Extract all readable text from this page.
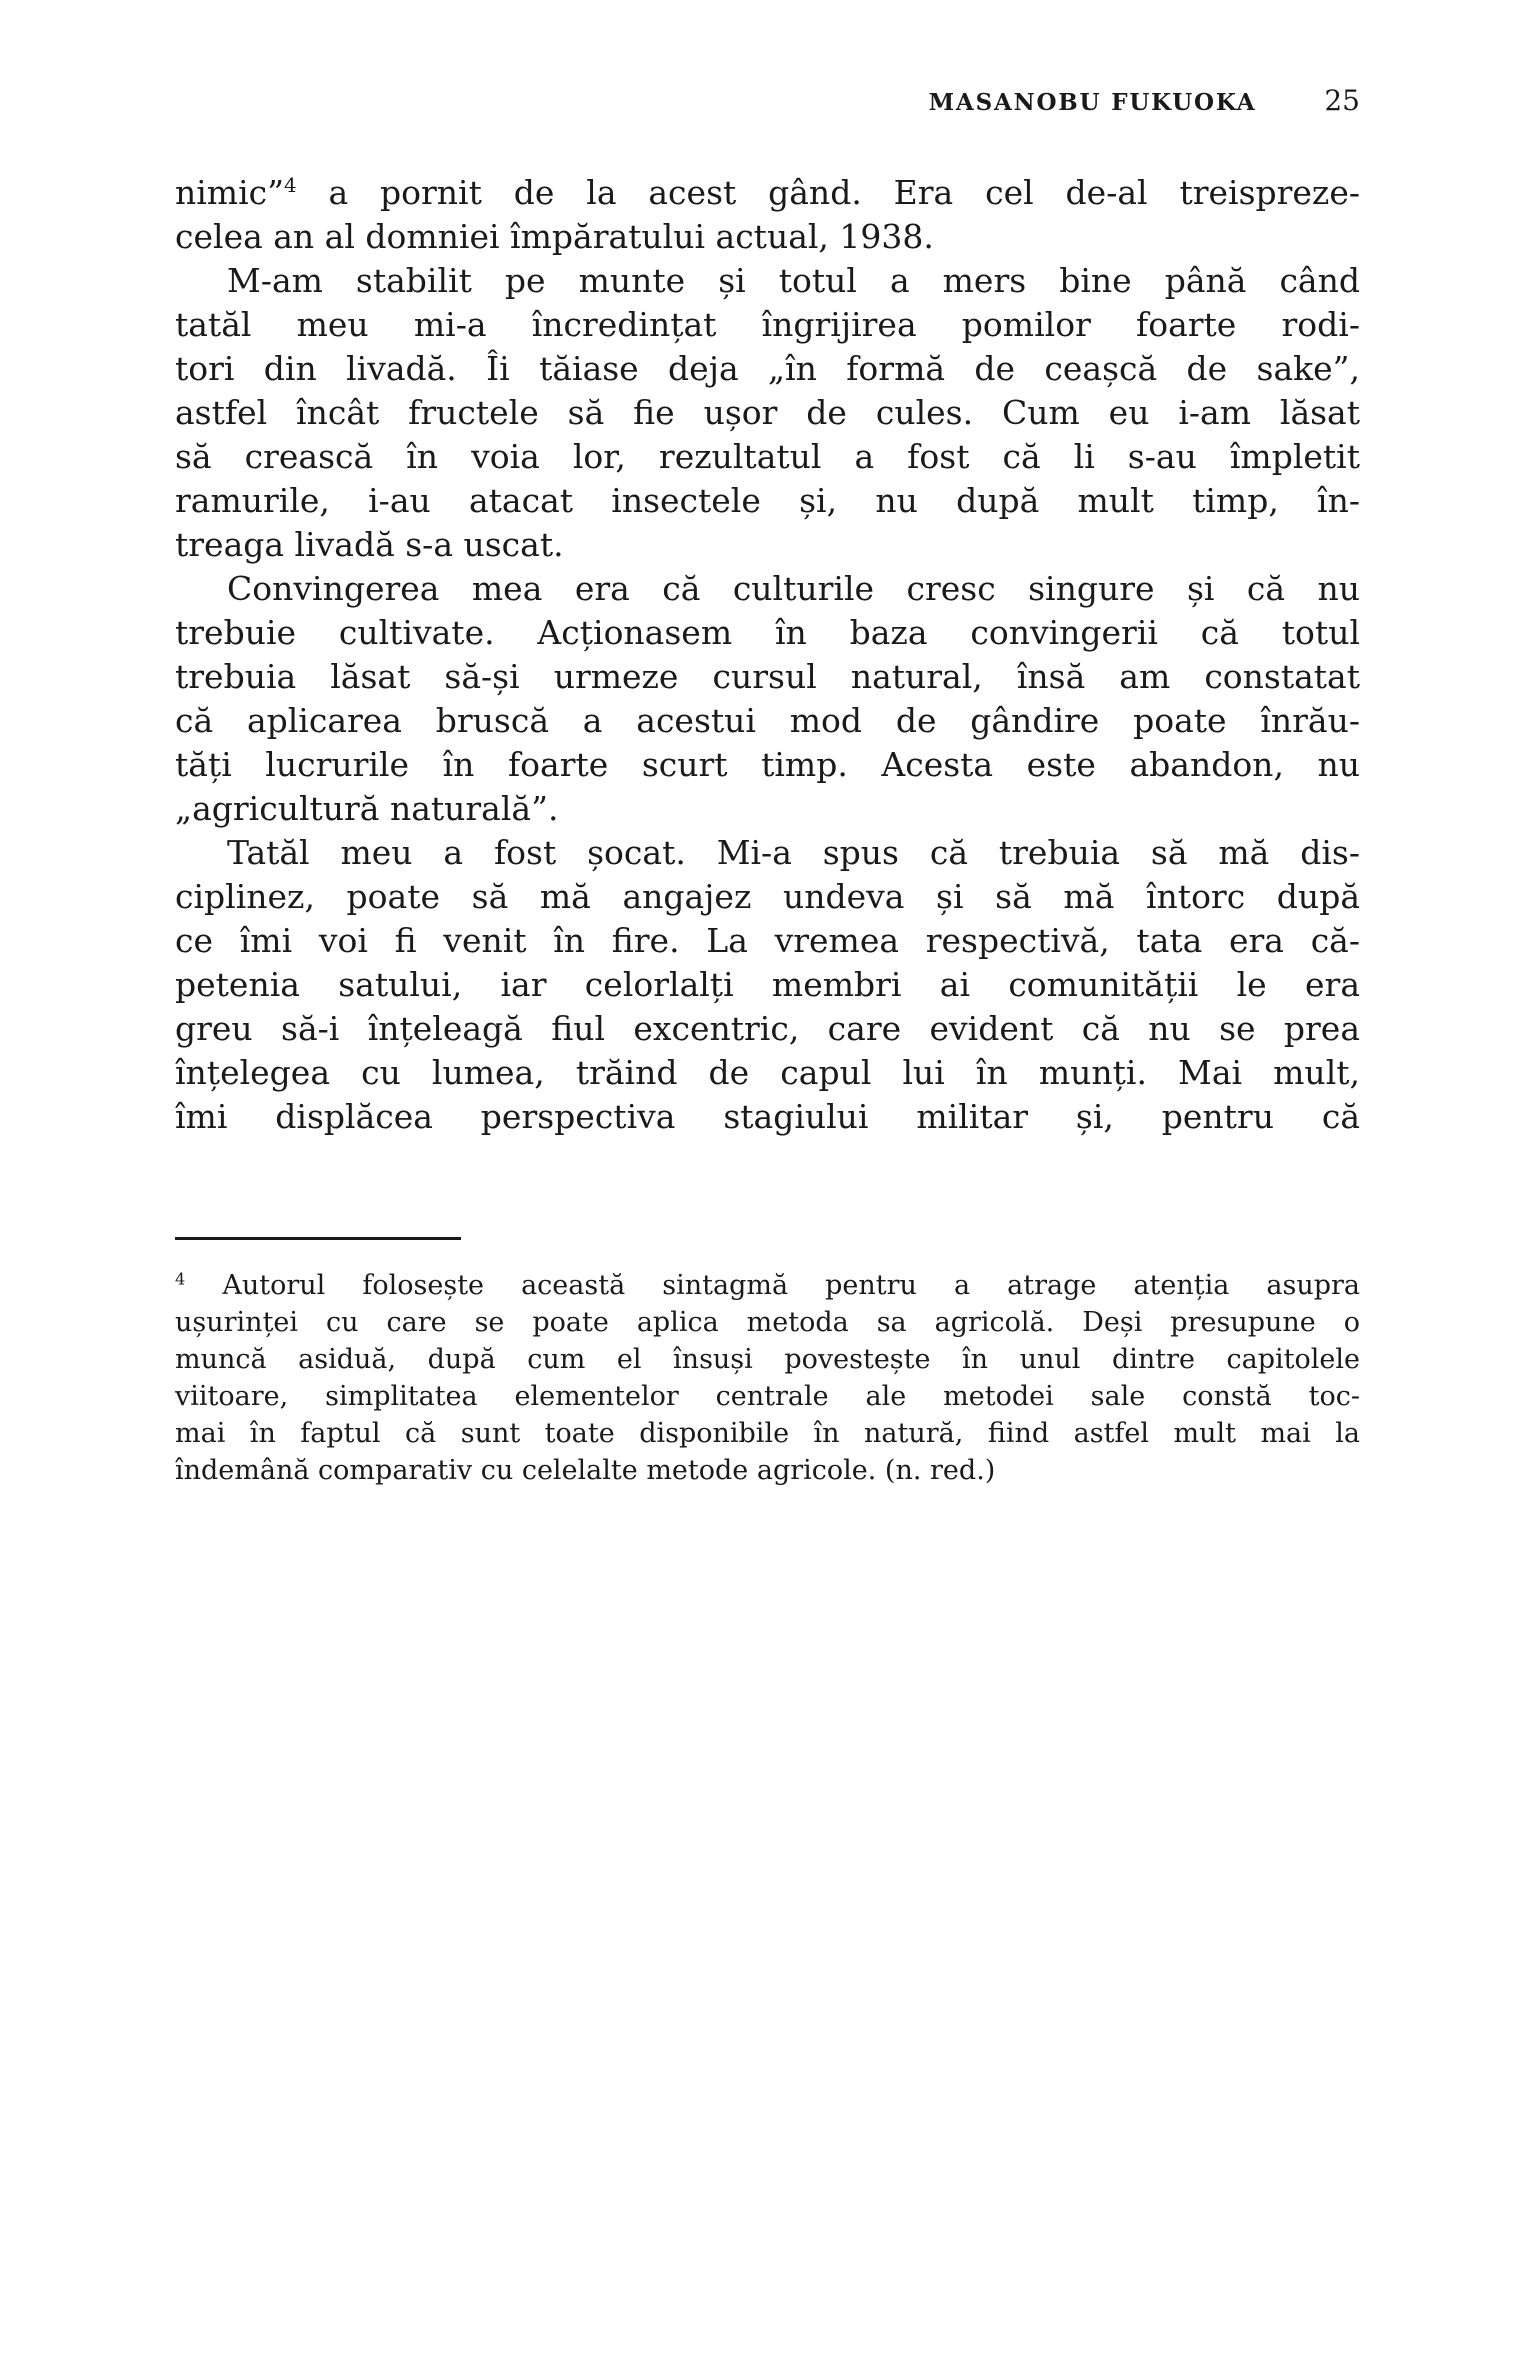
MASANOBU FUKUOKA 25
nimic”$^4$ a pornit de la acest gând. Era cel de-al treispreze-
celea an al domniei împăratului actual, 1938.
M-am stabilit pe munte și totul a mers bine până când
tatăl meu mi-a încredințat îngrijirea pomilor foarte rodi-
tori din livadă. Îi tăiase deja „în formă de ceașcă de sake”,
astfel încât fructele să fie ușor de cules. Cum eu i-am lăsat
să crească în voia lor, rezultatul a fost că li s-au împletit
ramurile, i-au atacat insectele și, nu după mult timp, în-
treaga livadă s-a uscat.
Convingerea mea era că culturile cresc singure și că nu
trebuie cultivate. Acționasem în baza convingerii că totul
trebuia lăsat să-și urmeze cursul natural, însă am constatat
că aplicarea bruscă a acestui mod de gândire poate înrău-
tăți lucrurile în foarte scurt timp. Acesta este abandon, nu
„agricultură naturală”.
Tatăl meu a fost șocat. Mi-a spus că trebuia să mă dis-
ciplinez, poate să mă angajez undeva și să mă întorc după
ce îmi voi fi venit în fire. La vremea respectivă, tata era că-
petenia satului, iar celorlalți membri ai comunității le era
greu să-i înțeleagă fiul excentric, care evident că nu se prea
înțelegea cu lumea, trăind de capul lui în munți. Mai mult,
îmi displăcea perspectiva stagiului militar și, pentru că
$^4$ Autorul folosește această sintagmă pentru a atrage atenția asupra
ușurinței cu care se poate aplica metoda sa agricolă. Deși presupune o
muncă asiduă, după cum el însuși povestește în unul dintre capitolele
viitoare, simplitatea elementelor centrale ale metodei sale constă toc-
mai în faptul că sunt toate disponibile în natură, fiind astfel mult mai la
îndemână comparativ cu celelalte metode agricole. (n. red.)
